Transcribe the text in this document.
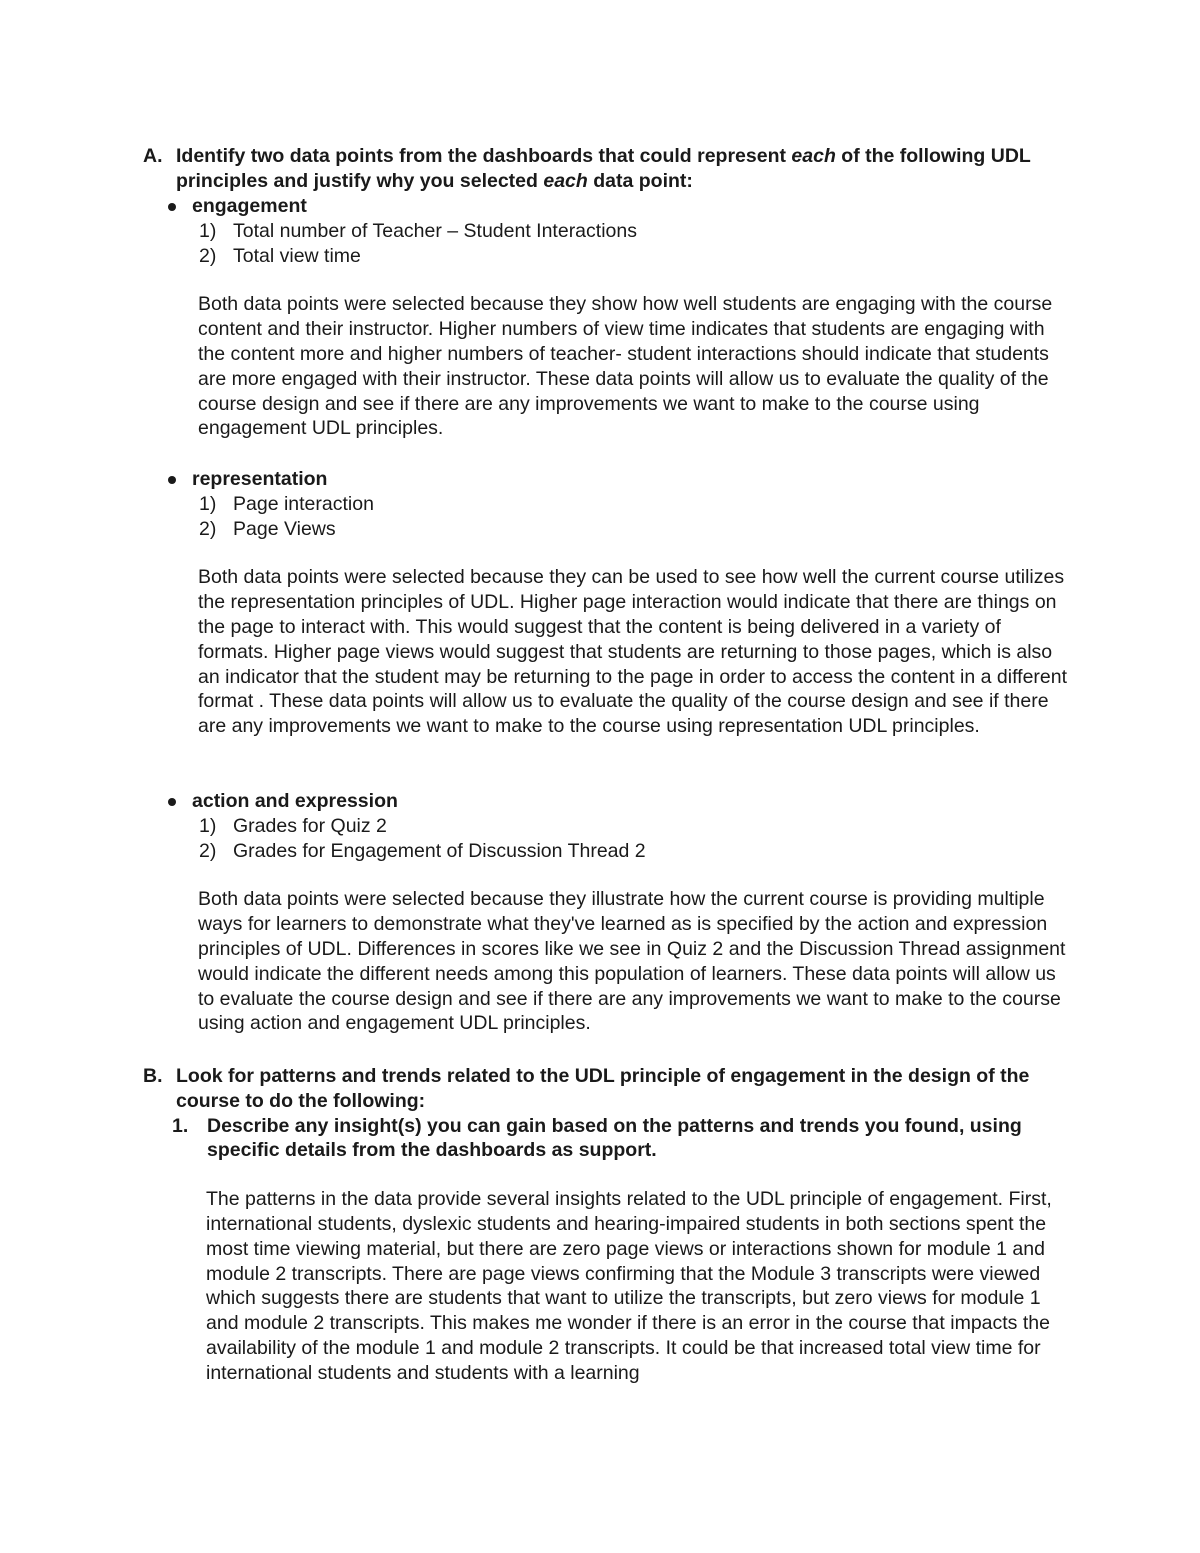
A. Identify two data points from the dashboards that could represent each of the following UDL principles and justify why you selected each data point:
engagement
1) Total number of Teacher – Student Interactions
2) Total view time
Both data points were selected because they show how well students are engaging with the course content and their instructor. Higher numbers of view time indicates that students are engaging with the content more and higher numbers of teacher- student interactions should indicate that students are more engaged with their instructor. These data points will allow us to evaluate the quality of the course design and see if there are any improvements we want to make to the course using engagement UDL principles.
representation
1) Page interaction
2) Page Views
Both data points were selected because they can be used to see how well the current course utilizes the representation principles of UDL. Higher page interaction would indicate that there are things on the page to interact with. This would suggest that the content is being delivered in a variety of formats. Higher page views would suggest that students are returning to those pages, which is also an indicator that the student may be returning to the page in order to access the content in a different format . These data points will allow us to evaluate the quality of the course design and see if there are any improvements we want to make to the course using representation UDL principles.
action and expression
1) Grades for Quiz 2
2) Grades for Engagement of Discussion Thread 2
Both data points were selected because they illustrate how the current course is providing multiple ways for learners to demonstrate what they've learned as is specified by the action and expression principles of UDL. Differences in scores like we see in Quiz 2 and the Discussion Thread assignment would indicate the different needs among this population of learners. These data points will allow us to evaluate the course design and see if there are any improvements we want to make to the course using action and engagement UDL principles.
B. Look for patterns and trends related to the UDL principle of engagement in the design of the course to do the following:
1. Describe any insight(s) you can gain based on the patterns and trends you found, using specific details from the dashboards as support.
The patterns in the data provide several insights related to the UDL principle of engagement. First, international students, dyslexic students and hearing-impaired students in both sections spent the most time viewing material, but there are zero page views or interactions shown for module 1 and module 2 transcripts. There are page views confirming that the Module 3 transcripts were viewed which suggests there are students that want to utilize the transcripts, but zero views for module 1 and module 2 transcripts. This makes me wonder if there is an error in the course that impacts the availability of the module 1 and module 2 transcripts. It could be that increased total view time for international students and students with a learning
